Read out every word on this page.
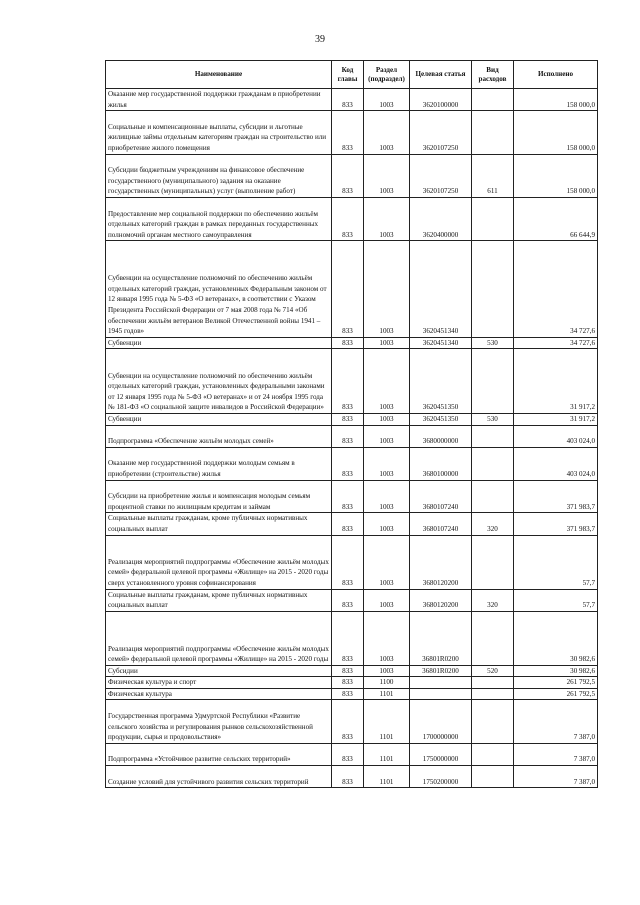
39
Наименование	Код главы	Раздел (подраздел)	Целевая статья	Вид расходов	Исполнено
Оказание мер государственной поддержки гражданам в приобретении жилья	833	1003	3620100000		158 000,0
Социальные и компенсационные выплаты, субсидии и льготные жилищные займы отдельным категориям граждан на строительство или приобретение жилого помещения	833	1003	3620107250		158 000,0
Субсидии бюджетным учреждениям на финансовое обеспечение государственного (муниципального) задания на оказание государственных (муниципальных) услуг (выполнение работ)	833	1003	3620107250	611	158 000,0
Предоставление мер социальной поддержки по обеспечению жильём отдельных категорий граждан в рамках переданных государственных полномочий органам местного самоуправления	833	1003	3620400000		66 644,9
Субвенции на осуществление полномочий по обеспечению жильём отдельных категорий граждан, установленных Федеральным законом от 12 января 1995 года № 5-ФЗ «О ветеранах», в соответствии с Указом Президента Российской Федерации от 7 мая 2008 года № 714 «Об обеспечении жильём ветеранов Великой Отечественной войны 1941 – 1945 годов»	833	1003	3620451340		34 727,6
Субвенции	833	1003	3620451340	530	34 727,6
Субвенции на осуществление полномочий по обеспечению жильём отдельных категорий граждан, установленных федеральными законами от 12 января 1995 года № 5-ФЗ «О ветеранах» и от 24 ноября 1995 года № 181-ФЗ «О социальной защите инвалидов в Российской Федерации»	833	1003	3620451350		31 917,2
Субвенции	833	1003	3620451350	530	31 917,2
Подпрограмма «Обеспечение жильём молодых семей»	833	1003	3680000000		403 024,0
Оказание мер государственной поддержки молодым семьям в приобретении (строительстве) жилья	833	1003	3680100000		403 024,0
Субсидии на приобретение жилья и компенсация молодым семьям процентной ставки по жилищным кредитам и займам	833	1003	3680107240		371 983,7
Социальные выплаты гражданам, кроме публичных нормативных социальных выплат	833	1003	3680107240	320	371 983,7
Реализация мероприятий подпрограммы «Обеспечение жильём молодых семей» федеральной целевой программы «Жилище» на 2015 - 2020 годы сверх установленного уровня софинансирования	833	1003	3680120200		57,7
Социальные выплаты гражданам, кроме публичных нормативных социальных выплат	833	1003	3680120200	320	57,7
Реализация мероприятий подпрограммы «Обеспечение жильём молодых семей» федеральной целевой программы «Жилище» на 2015 - 2020 годы	833	1003	36801R0200		30 982,6
Субсидии	833	1003	36801R0200	520	30 982,6
Физическая культура и спорт	833	1100			261 792,5
Физическая культура	833	1101			261 792,5
Государственная программа Удмуртской Республики «Развитие сельского хозяйства и регулирования рынков сельскохозяйственной продукции, сырья и продовольствия»	833	1101	1700000000		7 387,0
Подпрограмма «Устойчивое развитие сельских территорий»	833	1101	1750000000		7 387,0
Создание условий для устойчивого развития сельских территорий	833	1101	1750200000		7 387,0
